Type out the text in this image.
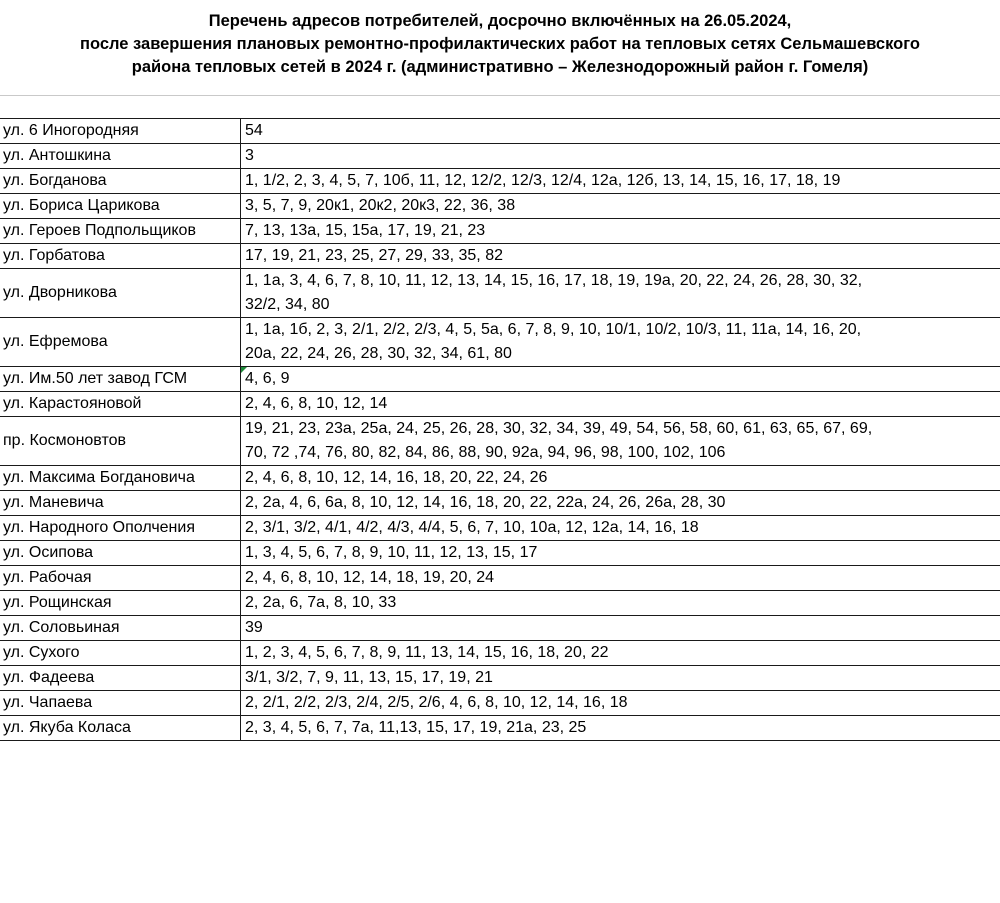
Перечень адресов потребителей, досрочно включённых на 26.05.2024,
после завершения плановых ремонтно-профилактических работ на тепловых сетях Сельмашевского
района тепловых сетей в 2024 г. (административно – Железнодорожный район г. Гомеля)
ул. 6 Иногородняя	54

ул. Антошкина	3

ул. Богданова	1, 1/2, 2, 3, 4, 5, 7, 10б, 11, 12, 12/2, 12/3, 12/4, 12а, 12б, 13, 14, 15, 16, 17, 18, 19

ул. Бориса Царикова	3, 5, 7, 9, 20к1, 20к2, 20к3, 22, 36, 38

ул. Героев Подпольщиков	7, 13, 13а, 15, 15а, 17, 19, 21, 23

ул. Горбатова	17, 19, 21, 23, 25, 27, 29, 33, 35, 82

ул. Дворникова	1, 1а, 3, 4, 6, 7, 8, 10, 11, 12, 13, 14, 15, 16, 17, 18, 19, 19а, 20, 22, 24, 26, 28, 30, 32,
32/2, 34, 80

ул. Ефремова	1, 1а, 1б, 2, 3, 2/1, 2/2, 2/3, 4, 5, 5а, 6, 7, 8, 9, 10, 10/1, 10/2, 10/3, 11, 11а, 14, 16, 20,
20а, 22, 24, 26, 28, 30, 32, 34, 61, 80

ул. Им.50 лет завод ГСМ	4, 6, 9

ул. Карастояновой	2, 4, 6, 8, 10, 12, 14

пр. Космоновтов	19, 21, 23, 23а, 25а, 24, 25, 26, 28, 30, 32, 34, 39, 49, 54, 56, 58, 60, 61, 63, 65, 67, 69,
70, 72 ,74, 76, 80, 82, 84, 86, 88, 90, 92а, 94, 96, 98, 100, 102, 106

ул. Максима Богдановича	2, 4, 6, 8, 10, 12, 14, 16, 18, 20, 22, 24, 26

ул. Маневича	2, 2а, 4, 6, 6а, 8, 10, 12, 14, 16, 18, 20, 22, 22а, 24, 26, 26а, 28, 30

ул. Народного Ополчения	2, 3/1, 3/2, 4/1, 4/2, 4/3, 4/4, 5, 6, 7, 10, 10а, 12, 12а, 14, 16, 18

ул. Осипова	1, 3, 4, 5, 6, 7, 8, 9, 10, 11, 12, 13, 15, 17

ул. Рабочая	2, 4, 6, 8, 10, 12, 14, 18, 19, 20, 24

ул. Рощинская	2, 2а, 6, 7а, 8, 10, 33

ул. Соловьиная	39

ул. Сухого	1, 2, 3, 4, 5, 6, 7, 8, 9, 11, 13, 14, 15, 16, 18, 20, 22

ул. Фадеева	3/1, 3/2, 7, 9, 11, 13, 15, 17, 19, 21

ул. Чапаева	2, 2/1, 2/2, 2/3, 2/4, 2/5, 2/6, 4, 6, 8, 10, 12, 14, 16, 18

ул. Якуба Коласа	2, 3, 4, 5, 6, 7, 7а, 11,13, 15, 17, 19, 21а, 23, 25
